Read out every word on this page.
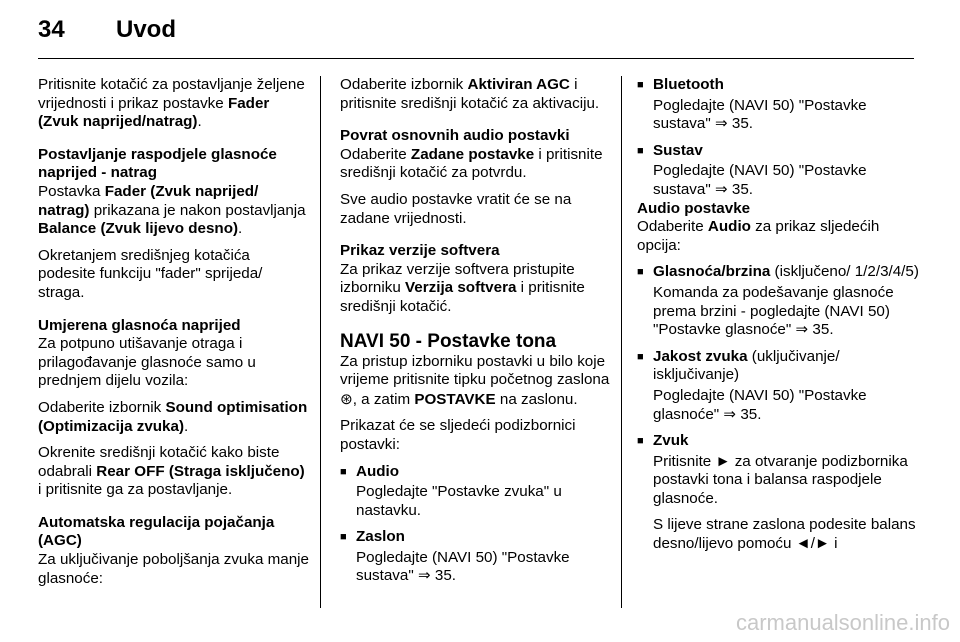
34 Uvod

Pritisnite kotačić za postavljanje željene vrijednosti i prikaz postavke Fader (Zvuk naprijed/natrag).

Postavljanje raspodjele glasnoće naprijed - natrag

Postavka Fader (Zvuk naprijed/ natrag) prikazana je nakon postavljanja Balance (Zvuk lijevo desno).

Okretanjem središnjeg kotačića podesite funkciju "fader" sprijeda/ straga.

Umjerena glasnoća naprijed

Za potpuno utišavanje otraga i prilagođavanje glasnoće samo u prednjem dijelu vozila:

Odaberite izbornik Sound optimisation (Optimizacija zvuka).

Okrenite središnji kotačić kako biste odabrali Rear OFF (Straga isključeno) i pritisnite ga za postavljanje.

Automatska regulacija pojačanja (AGC)

Za uključivanje poboljšanja zvuka manje glasnoće:

Odaberite izbornik Aktiviran AGC i pritisnite središnji kotačić za aktivaciju.

Povrat osnovnih audio postavki

Odaberite Zadane postavke i pritisnite središnji kotačić za potvrdu.

Sve audio postavke vratit će se na zadane vrijednosti.

Prikaz verzije softvera

Za prikaz verzije softvera pristupite izborniku Verzija softvera i pritisnite središnji kotačić.

NAVI 50 - Postavke tona

Za pristup izborniku postavki u bilo koje vrijeme pritisnite tipku početnog zaslona ⊛, a zatim POSTAVKE na zaslonu.

Prikazat će se sljedeći podizbornici postavki:

■ Audio

Pogledajte "Postavke zvuka" u nastavku.

■ Zaslon

Pogledajte (NAVI 50) "Postavke sustava" ⇒ 35.

■ Bluetooth

Pogledajte (NAVI 50) "Postavke sustava" ⇒ 35.

■ Sustav

Pogledajte (NAVI 50) "Postavke sustava" ⇒ 35.

Audio postavke

Odaberite Audio za prikaz sljedećih opcija:

■ Glasnoća/brzina (isključeno/ 1/2/3/4/5)

Komanda za podešavanje glasnoće prema brzini - pogledajte (NAVI 50) "Postavke glasnoće" ⇒ 35.

■ Jakost zvuka (uključivanje/ isključivanje)

Pogledajte (NAVI 50) "Postavke glasnoće" ⇒ 35.

■ Zvuk

Pritisnite ► za otvaranje podizbornika postavki tona i balansa raspodjele glasnoće.

S lijeve strane zaslona podesite balans desno/lijevo pomoću ◄/► i

carmanualsonline.info
